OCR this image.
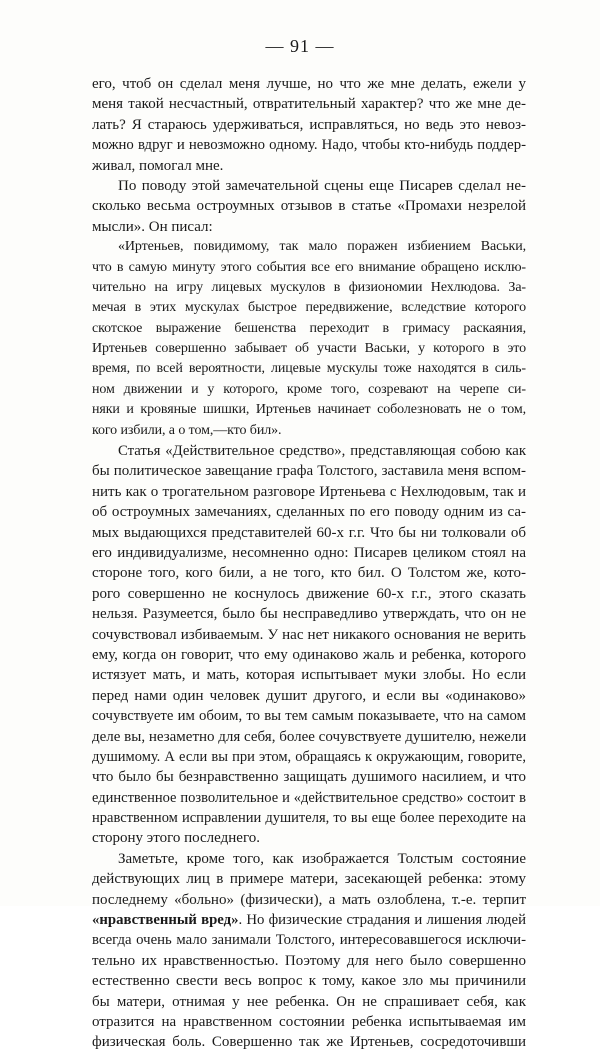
— 91 —
его, чтоб он сделал меня лучше, но что же мне делать, ежели у
меня такой несчастный, отвратительный характер? что же мне де-
лать? Я стараюсь удерживаться, исправляться, но ведь это невоз-
можно вдруг и невозможно одному. Надо, чтобы кто-нибудь поддер-
живал, помогал мне.
По поводу этой замечательной сцены еще Писарев сделал не-
сколько весьма остроумных отзывов в статье «Промахи незрелой
мысли». Он писал:
«Иртеньев, повидимому, так мало поражен избиением Васьки,
что в самую минуту этого события все его внимание обращено исклю-
чительно на игру лицевых мускулов в физиономии Нехлюдова. За-
мечая в этих мускулах быстрое передвижение, вследствие которого
скотское выражение бешенства переходит в гримасу раскаяния,
Иртеньев совершенно забывает об участи Васьки, у которого в это
время, по всей вероятности, лицевые мускулы тоже находятся в силь-
ном движении и у которого, кроме того, созревают на черепе си-
няки и кровяные шишки, Иртеньев начинает соболезновать не о том,
кого избили, а о том,—кто бил».
Статья «Действительное средство», представляющая собою как
бы политическое завещание графа Толстого, заставила меня вспом-
нить как о трогательном разговоре Иртеньева с Нехлюдовым, так и
об остроумных замечаниях, сделанных по его поводу одним из са-
мых выдающихся представителей 60-х г.г. Что бы ни толковали об
его индивидуализме, несомненно одно: Писарев целиком стоял на
стороне того, кого били, а не того, кто бил. О Толстом же, кото-
рого совершенно не коснулось движение 60-х г.г., этого сказать
нельзя. Разумеется, было бы несправедливо утверждать, что он не
сочувствовал избиваемым. У нас нет никакого основания не верить
ему, когда он говорит, что ему одинаково жаль и ребенка, которого
истязует мать, и мать, которая испытывает муки злобы. Но если
перед нами один человек душит другого, и если вы «одинаково»
сочувствуете им обоим, то вы тем самым показываете, что на самом
деле вы, незаметно для себя, более сочувствуете душителю, нежели
душимому. А если вы при этом, обращаясь к окружающим, говорите,
что было бы безнравственно защищать душимого насилием, и что
единственное позволительное и «действительное средство» состоит в
нравственном исправлении душителя, то вы еще более переходите на
сторону этого последнего.
Заметьте, кроме того, как изображается Толстым состояние
действующих лиц в примере матери, засекающей ребенка: этому
последнему «больно» (физически), а мать озлоблена, т.-е. терпит
«нравственный вред». Но физические страдания и лишения людей
всегда очень мало занимали Толстого, интересовавшегося исключи-
тельно их нравственностью. Поэтому для него было совершенно
естественно свести весь вопрос к тому, какое зло мы причинили
бы матери, отнимая у нее ребенка. Он не спрашивает себя, как
отразится на нравственном состоянии ребенка испытываемая им
физическая боль. Совершенно так же Иртеньев, сосредоточивши
